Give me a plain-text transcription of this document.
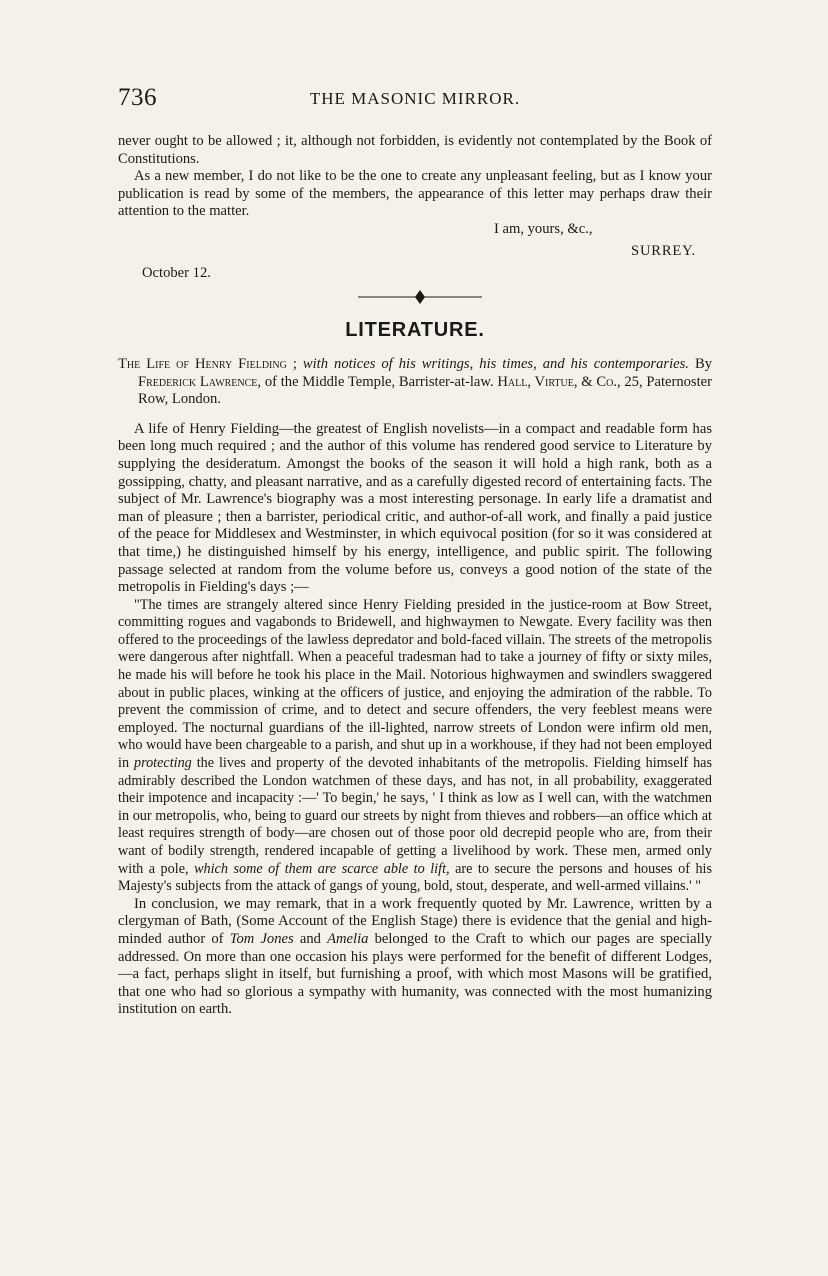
736	THE MASONIC MIRROR.

never ought to be allowed ; it, although not forbidden, is evidently not contemplated by the Book of Constitutions.

As a new member, I do not like to be the one to create any unpleasant feeling, but as I know your publication is read by some of the members, the appearance of this letter may perhaps draw their attention to the matter.

I am, yours, &c.,
SURREY.
October 12.
LITERATURE.

The Life of Henry Fielding ; with notices of his writings, his times, and his contemporaries. By Frederick Lawrence, of the Middle Temple, Barrister-at-law. Hall, Virtue, & Co., 25, Paternoster Row, London.

A life of Henry Fielding—the greatest of English novelists—in a compact and readable form has been long much required ; and the author of this volume has rendered good service to Literature by supplying the desideratum. Amongst the books of the season it will hold a high rank, both as a gossipping, chatty, and pleasant narrative, and as a carefully digested record of entertaining facts. The subject of Mr. Lawrence's biography was a most interesting personage. In early life a dramatist and man of pleasure ; then a barrister, periodical critic, and author-of-all work, and finally a paid justice of the peace for Middlesex and Westminster, in which equivocal position (for so it was considered at that time,) he distinguished himself by his energy, intelligence, and public spirit. The following passage selected at random from the volume before us, conveys a good notion of the state of the metropolis in Fielding's days ;—

"The times are strangely altered since Henry Fielding presided in the justice-room at Bow Street, committing rogues and vagabonds to Bridewell, and highwaymen to Newgate. Every facility was then offered to the proceedings of the lawless depredator and bold-faced villain. The streets of the metropolis were dangerous after nightfall. When a peaceful tradesman had to take a journey of fifty or sixty miles, he made his will before he took his place in the Mail. Notorious highwaymen and swindlers swaggered about in public places, winking at the officers of justice, and enjoying the admiration of the rabble. To prevent the commission of crime, and to detect and secure offenders, the very feeblest means were employed. The nocturnal guardians of the ill-lighted, narrow streets of London were infirm old men, who would have been chargeable to a parish, and shut up in a workhouse, if they had not been employed in protecting the lives and property of the devoted inhabitants of the metropolis. Fielding himself has admirably described the London watchmen of these days, and has not, in all probability, exaggerated their impotence and incapacity :—' To begin,' he says, ' I think as low as I well can, with the watchmen in our metropolis, who, being to guard our streets by night from thieves and robbers—an office which at least requires strength of body—are chosen out of those poor old decrepid people who are, from their want of bodily strength, rendered incapable of getting a livelihood by work. These men, armed only with a pole, which some of them are scarce able to lift, are to secure the persons and houses of his Majesty's subjects from the attack of gangs of young, bold, stout, desperate, and well-armed villains.' "

In conclusion, we may remark, that in a work frequently quoted by Mr. Lawrence, written by a clergyman of Bath, (Some Account of the English Stage) there is evidence that the genial and high-minded author of Tom Jones and Amelia belonged to the Craft to which our pages are specially addressed. On more than one occasion his plays were performed for the benefit of different Lodges,—a fact, perhaps slight in itself, but furnishing a proof, with which most Masons will be gratified, that one who had so glorious a sympathy with humanity, was connected with the most humanizing institution on earth.
